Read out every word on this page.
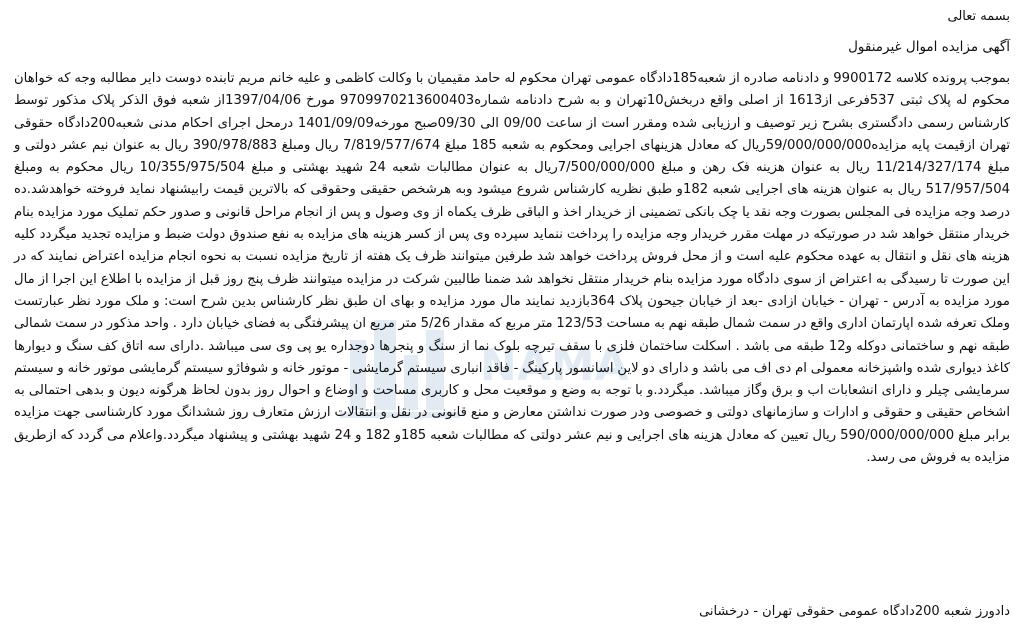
NAMA
بسمه تعالی
آگهی مزایده اموال غیرمنقول
بموجب پرونده کلاسه 9900172 و دادنامه صادره از شعبه185دادگاه عمومی تهران محکوم له حامد مقیمیان با وکالت کاظمی و علیه خانم مریم تابنده دوست دایر مطالبه وجه که خواهان محکوم له پلاک ثبتی 537فرعی از1613 از اصلی واقع دربخش10تهران و به شرح دادنامه شماره9709970213600403 مورخ 1397/04/06از شعبه فوق الذکر پلاک مذکور توسط کارشناس رسمی دادگستری بشرح زیر توصیف و ارزیابی شده ومقرر است از ساعت 09/00 الی 09/30صبح مورخه1401/09/09 درمحل اجرای احکام مدنی شعبه200دادگاه حقوقی تهران ازقیمت پایه مزایده59/000/000/000ریال که معادل هزینهای اجرایی ومحکوم به شعبه 185 مبلغ 7/819/577/674 ریال ومبلغ 390/978/883 ریال به عنوان نیم عشر دولتی و مبلغ 11/214/327/174 ریال به عنوان هزینه فک رهن و مبلغ 7/500/000/000ریال به عنوان مطالبات شعبه 24 شهید بهشتی و مبلغ 10/355/975/504 ریال محکوم به ومبلغ 517/957/504 ریال به عنوان هزینه های اجرایی شعبه 182و طبق نظریه کارشناس شروع میشود وبه هرشخص حقیقی وحقوقی که بالاترین قیمت رابیشنهاد نماید فروخته خواهدشد.ده درصد وجه مزایده فی المجلس بصورت وجه نقد یا چک بانکی تضمینی از خریدار اخذ و الباقی ظرف یکماه از وی وصول و پس از انجام مراحل قانونی و صدور حکم تملیک مورد مزایده بنام خریدار منتقل خواهد شد در صورتیکه در مهلت مقرر خریدار وجه مزایده را پرداخت ننماید سپرده وی پس از کسر هزینه های مزایده به نفع صندوق دولت ضبط و مزایده تجدید میگردد کلیه هزینه های نقل و انتقال به عهده محکوم علیه است و از محل فروش پرداخت خواهد شد طرفین میتوانند ظرف یک هفته از تاریخ مزایده نسبت به نحوه انجام مزایده اعتراض نمایند که در این صورت تا رسیدگی به اعتراض از سوی دادگاه مورد مزایده بنام خریدار منتقل نخواهد شد ضمنا طالبین شرکت در مزایده میتوانند ظرف پنج روز قبل از مزایده با اطلاع این اجرا از مال مورد مزایده به آدرس - تهران - خیابان ازادی -بعد از خیابان جیحون پلاک 364بازدید نمایند مال مورد مزایده و بهای ان طبق نظر کارشناس بدین شرح است: و ملک مورد نظر عبارتست وملک تعرفه شده اپارتمان اداری واقع در سمت شمال طبقه نهم به مساحت 123/53 متر مربع که مقدار 5/26 متر مربع ان پیشرفتگی به فضای خیابان دارد . واحد مذکور در سمت شمالی طبقه نهم و ساختمانی دوکله و12 طبقه می باشد . اسکلت ساختمان فلزی با سقف تیرچه بلوک نما از سنگ و پنجرها دوجداره یو پی وی سی میباشد .دارای سه اتاق کف سنگ و دیوارها کاغذ دیواری شده واشپزخانه معمولی ام دی اف می باشد و دارای دو لاین اسانسور پارکینگ - فاقد انباری سیستم گرمایشی - موتور خانه و شوفاژو سیستم گرمایشی موتور خانه و سیستم سرمایشی چیلر و دارای انشعابات اب و برق وگاز میباشد. میگردد.و با توجه به وضع و موقعیت محل و کاربری مساحت و اوضاع و احوال روز بدون لحاظ هرگونه دیون و بدهی احتمالی به اشخاص حقیقی و حقوقی و ادارات و سازمانهای دولتی و خصوصی ودر صورت نداشتن معارض و منع قانونی در نقل و انتقالات ارزش متعارف روز ششدانگ مورد کارشناسی جهت مزایده برابر مبلغ 590/000/000/000 ریال تعیین که معادل هزینه های اجرایی و نیم عشر دولتی که مطالبات شعبه 185و 182 و 24 شهید بهشتی و پیشنهاد میگردد.واعلام می گردد که ازطریق مزایده به فروش می رسد.
دادورز شعبه 200دادگاه عمومی حقوقی تهران - درخشانی
